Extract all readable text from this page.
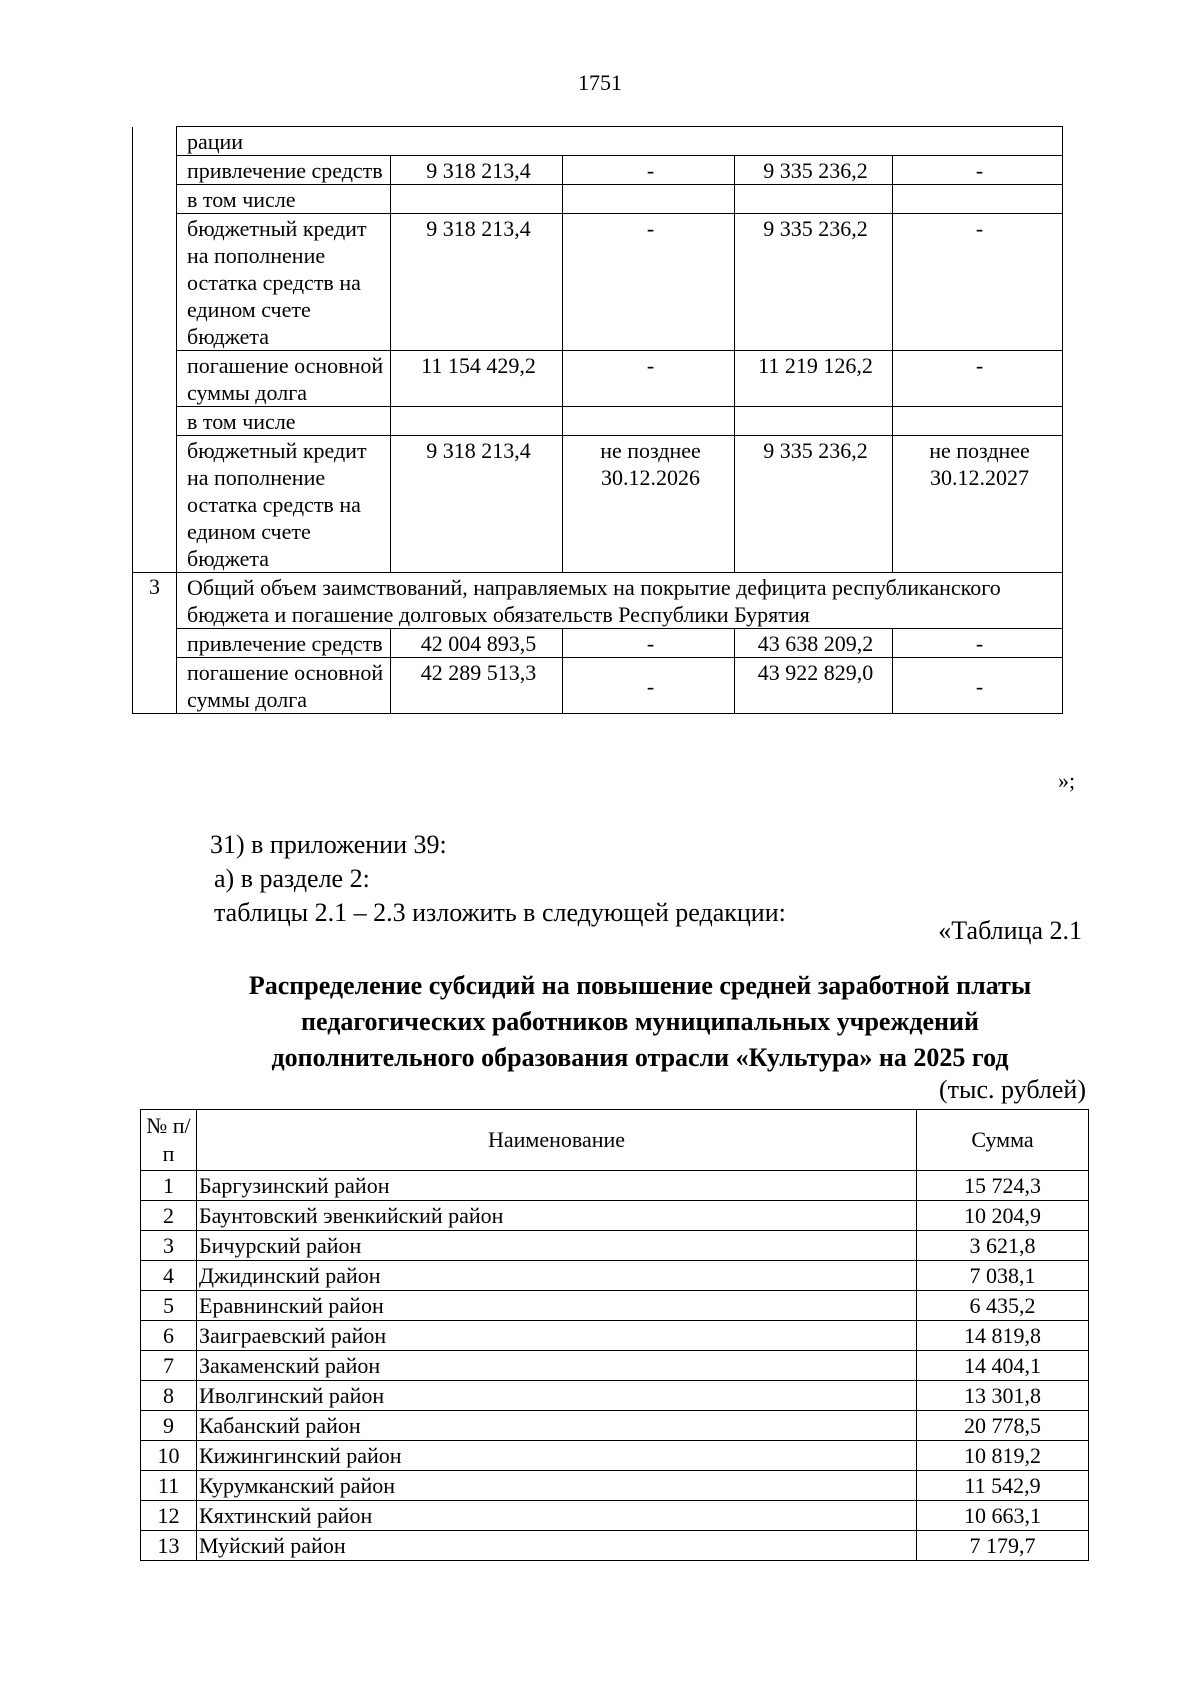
1751
	рации				
	привлечение средств	9 318 213,4	-	9 335 236,2	-
	в том числе				
	бюджетный кредит на пополнение остатка средств на едином счете бюджета	9 318 213,4	-	9 335 236,2	-
	погашение основной суммы долга	11 154 429,2	-	11 219 126,2	-
	в том числе				
	бюджетный кредит на пополнение остатка средств на едином счете бюджета	9 318 213,4	не позднее 30.12.2026	9 335 236,2	не позднее 30.12.2027
3	Общий объем заимствований, направляемых на покрытие дефицита республиканского бюджета и погашение долговых обязательств Республики Бурятия				
	привлечение средств	42 004 893,5	-	43 638 209,2	-
	погашение основной суммы долга	42 289 513,3	-	43 922 829,0	-
»;
31) в приложении 39:
а) в разделе 2:
таблицы 2.1 – 2.3 изложить в следующей редакции:
«Таблица 2.1
Распределение субсидий на повышение средней заработной платы
педагогических работников муниципальных учреждений
дополнительного образования отрасли «Культура» на 2025 год
(тыс. рублей)
№ п/п	Наименование	Сумма
1	Баргузинский район	15 724,3
2	Баунтовский эвенкийский район	10 204,9
3	Бичурский район	3 621,8
4	Джидинский район	7 038,1
5	Еравнинский район	6 435,2
6	Заиграевский район	14 819,8
7	Закаменский район	14 404,1
8	Иволгинский район	13 301,8
9	Кабанский район	20 778,5
10	Кижингинский район	10 819,2
11	Курумканский район	11 542,9
12	Кяхтинский район	10 663,1
13	Муйский район	7 179,7
